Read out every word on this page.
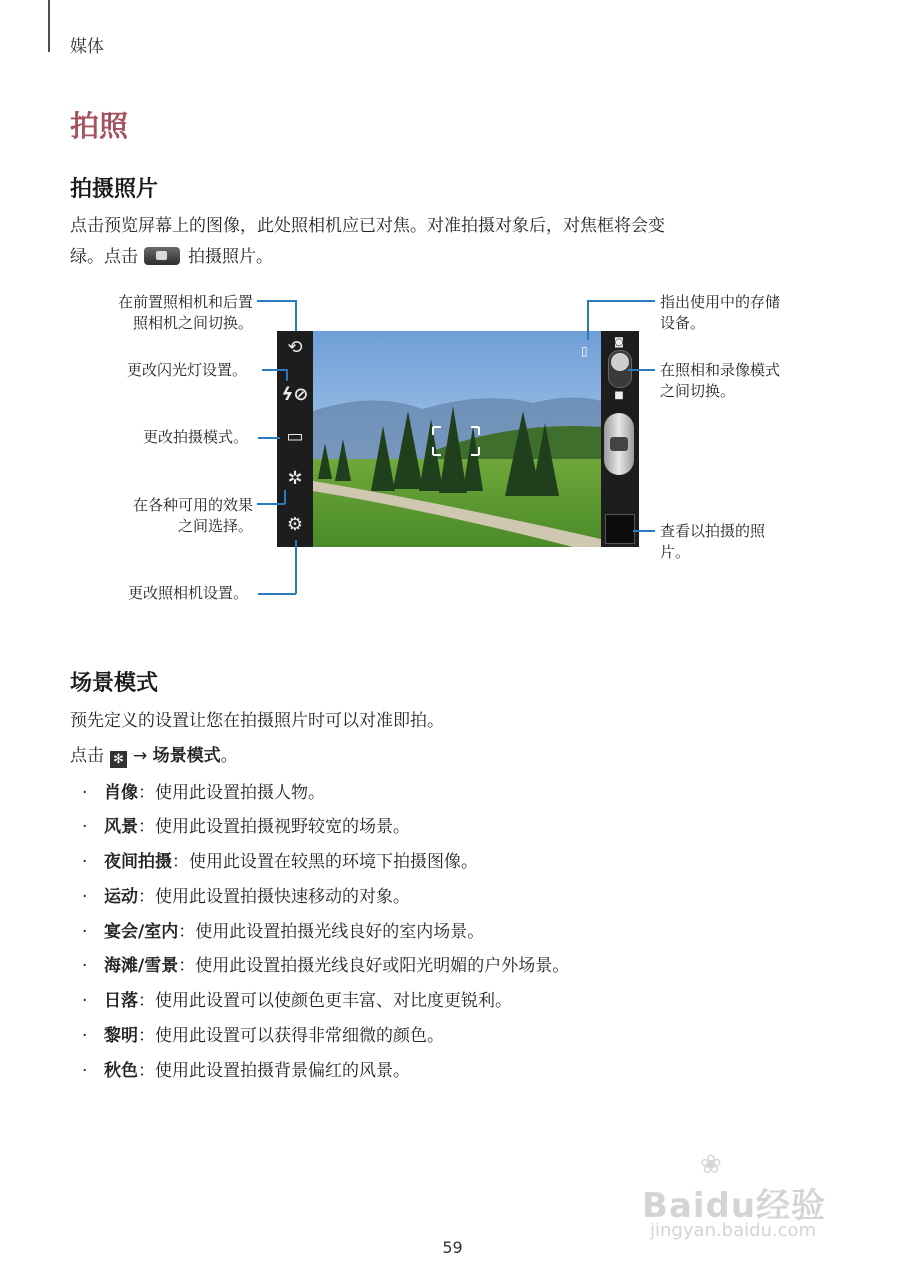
媒体
拍照
拍摄照片
点击预览屏幕上的图像，此处照相机应已对焦。对准拍摄对象后，对焦框将会变
绿。点击	拍摄照片。
▯
⟲
ϟ⊘
▭
✲
⚙
◙
■
在前置照相机和后置
照相机之间切换。
更改闪光灯设置。
更改拍摄模式。
在各种可用的效果
之间选择。
更改照相机设置。
指出使用中的存储
设备。
在照相和录像模式
之间切换。
查看以拍摄的照
片。
场景模式
预先定义的设置让您在拍摄照片时可以对准即拍。
点击 ✻ → 场景模式。
· 肖像：使用此设置拍摄人物。
· 风景：使用此设置拍摄视野较宽的场景。
· 夜间拍摄：使用此设置在较黑的环境下拍摄图像。
· 运动：使用此设置拍摄快速移动的对象。
· 宴会/室内：使用此设置拍摄光线良好的室内场景。
· 海滩/雪景：使用此设置拍摄光线良好或阳光明媚的户外场景。
· 日落：使用此设置可以使颜色更丰富、对比度更锐利。
· 黎明：使用此设置可以获得非常细微的颜色。
· 秋色：使用此设置拍摄背景偏红的风景。
❀
Baidu经验
jingyan.baidu.com
59
